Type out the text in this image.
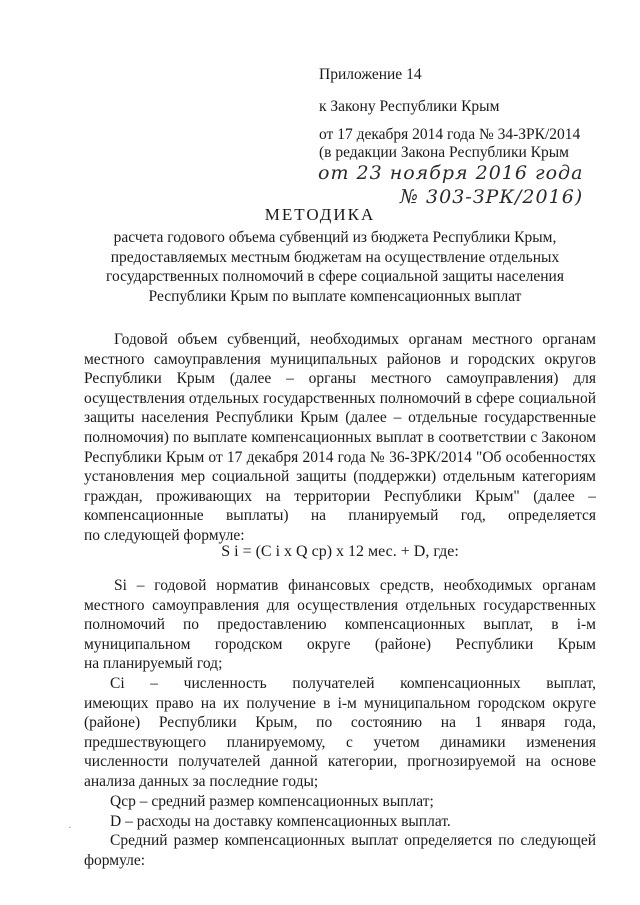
Приложение 14
к Закону Республики Крым
от 17 декабря 2014 года № 34-ЗРК/2014
(в редакции Закона Республики Крым
от 23 ноября 2016 года
№ 303-ЗРК/2016)
МЕТОДИКА
расчета годового объема субвенций из бюджета Республики Крым,
предоставляемых местным бюджетам на осуществление отдельных
государственных полномочий в сфере социальной защиты населения
Республики Крым по выплате компенсационных выплат
Годовой объем субвенций, необходимых органам местного органам
местного самоуправления муниципальных районов и городских округов
Республики Крым (далее – органы местного самоуправления) для
осуществления отдельных государственных полномочий в сфере социальной
защиты населения Республики Крым (далее – отдельные государственные
полномочия) по выплате компенсационных выплат в соответствии с Законом
Республики Крым от 17 декабря 2014 года № 36-ЗРК/2014 "Об особенностях
установления мер социальной защиты (поддержки) отдельным категориям
граждан, проживающих на территории Республики Крым" (далее –
компенсационные выплаты) на планируемый год, определяется
по следующей формуле:
S i = (C i x Q ср) х 12 мес. + D, где:
Si – годовой норматив финансовых средств, необходимых органам
местного самоуправления для осуществления отдельных государственных
полномочий по предоставлению компенсационных выплат, в i-м
муниципальном городском округе (районе) Республики Крым
на планируемый год;
Ci – численность получателей компенсационных выплат,
имеющих право на их получение в i-м муниципальном городском округе
(районе) Республики Крым, по состоянию на 1 января года,
предшествующего планируемому, с учетом динамики изменения
численности получателей данной категории, прогнозируемой на основе
анализа данных за последние годы;
Qср – средний размер компенсационных выплат;
D – расходы на доставку компенсационных выплат.
Средний размер компенсационных выплат определяется по следующей
формуле:
·
